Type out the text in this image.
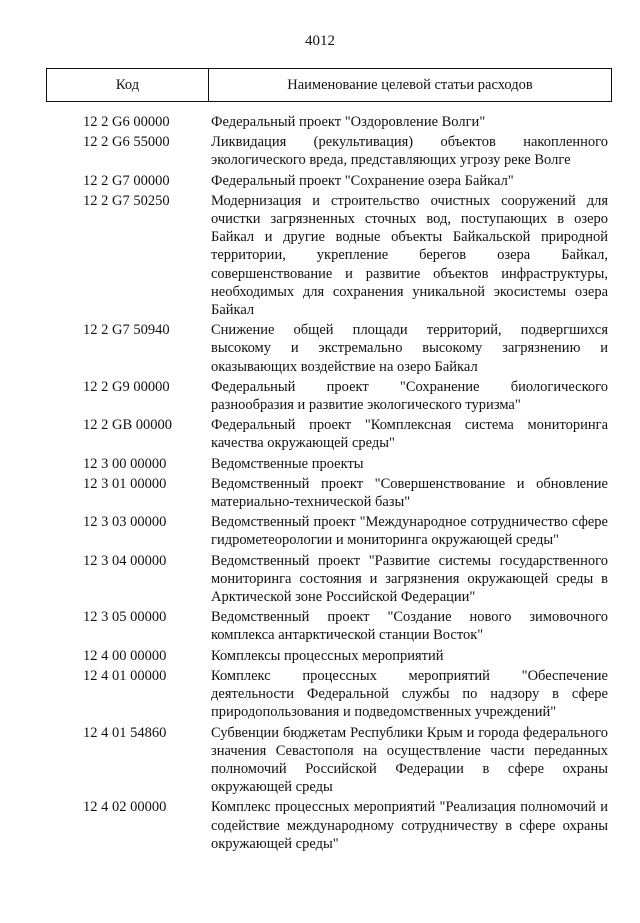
4012
Код	Наименование целевой статьи расходов
12 2 G6 00000	Федеральный проект "Оздоровление Волги"
12 2 G6 55000	Ликвидация (рекультивация) объектов накопленного экологического вреда, представляющих угрозу реке Волге
12 2 G7 00000	Федеральный проект "Сохранение озера Байкал"
12 2 G7 50250	Модернизация и строительство очистных сооружений для очистки загрязненных сточных вод, поступающих в озеро Байкал и другие водные объекты Байкальской природной территории, укрепление берегов озера Байкал, совершенствование и развитие объектов инфраструктуры, необходимых для сохранения уникальной экосистемы озера Байкал
12 2 G7 50940	Снижение общей площади территорий, подвергшихся высокому и экстремально высокому загрязнению и оказывающих воздействие на озеро Байкал
12 2 G9 00000	Федеральный проект "Сохранение биологического разнообразия и развитие экологического туризма"
12 2 GB 00000	Федеральный проект "Комплексная система мониторинга качества окружающей среды"
12 3 00 00000	Ведомственные проекты
12 3 01 00000	Ведомственный проект "Совершенствование и обновление материально-технической базы"
12 3 03 00000	Ведомственный проект "Международное сотрудничество сфере гидрометеорологии и мониторинга окружающей среды"
12 3 04 00000	Ведомственный проект "Развитие системы государственного мониторинга состояния и загрязнения окружающей среды в Арктической зоне Российской Федерации"
12 3 05 00000	Ведомственный проект "Создание нового зимовочного комплекса антарктической станции Восток"
12 4 00 00000	Комплексы процессных мероприятий
12 4 01 00000	Комплекс процессных мероприятий "Обеспечение деятельности Федеральной службы по надзору в сфере природопользования и подведомственных учреждений"
12 4 01 54860	Субвенции бюджетам Республики Крым и города федерального значения Севастополя на осуществление части переданных полномочий Российской Федерации в сфере охраны окружающей среды
12 4 02 00000	Комплекс процессных мероприятий "Реализация полномочий и содействие международному сотрудничеству в сфере охраны окружающей среды"
